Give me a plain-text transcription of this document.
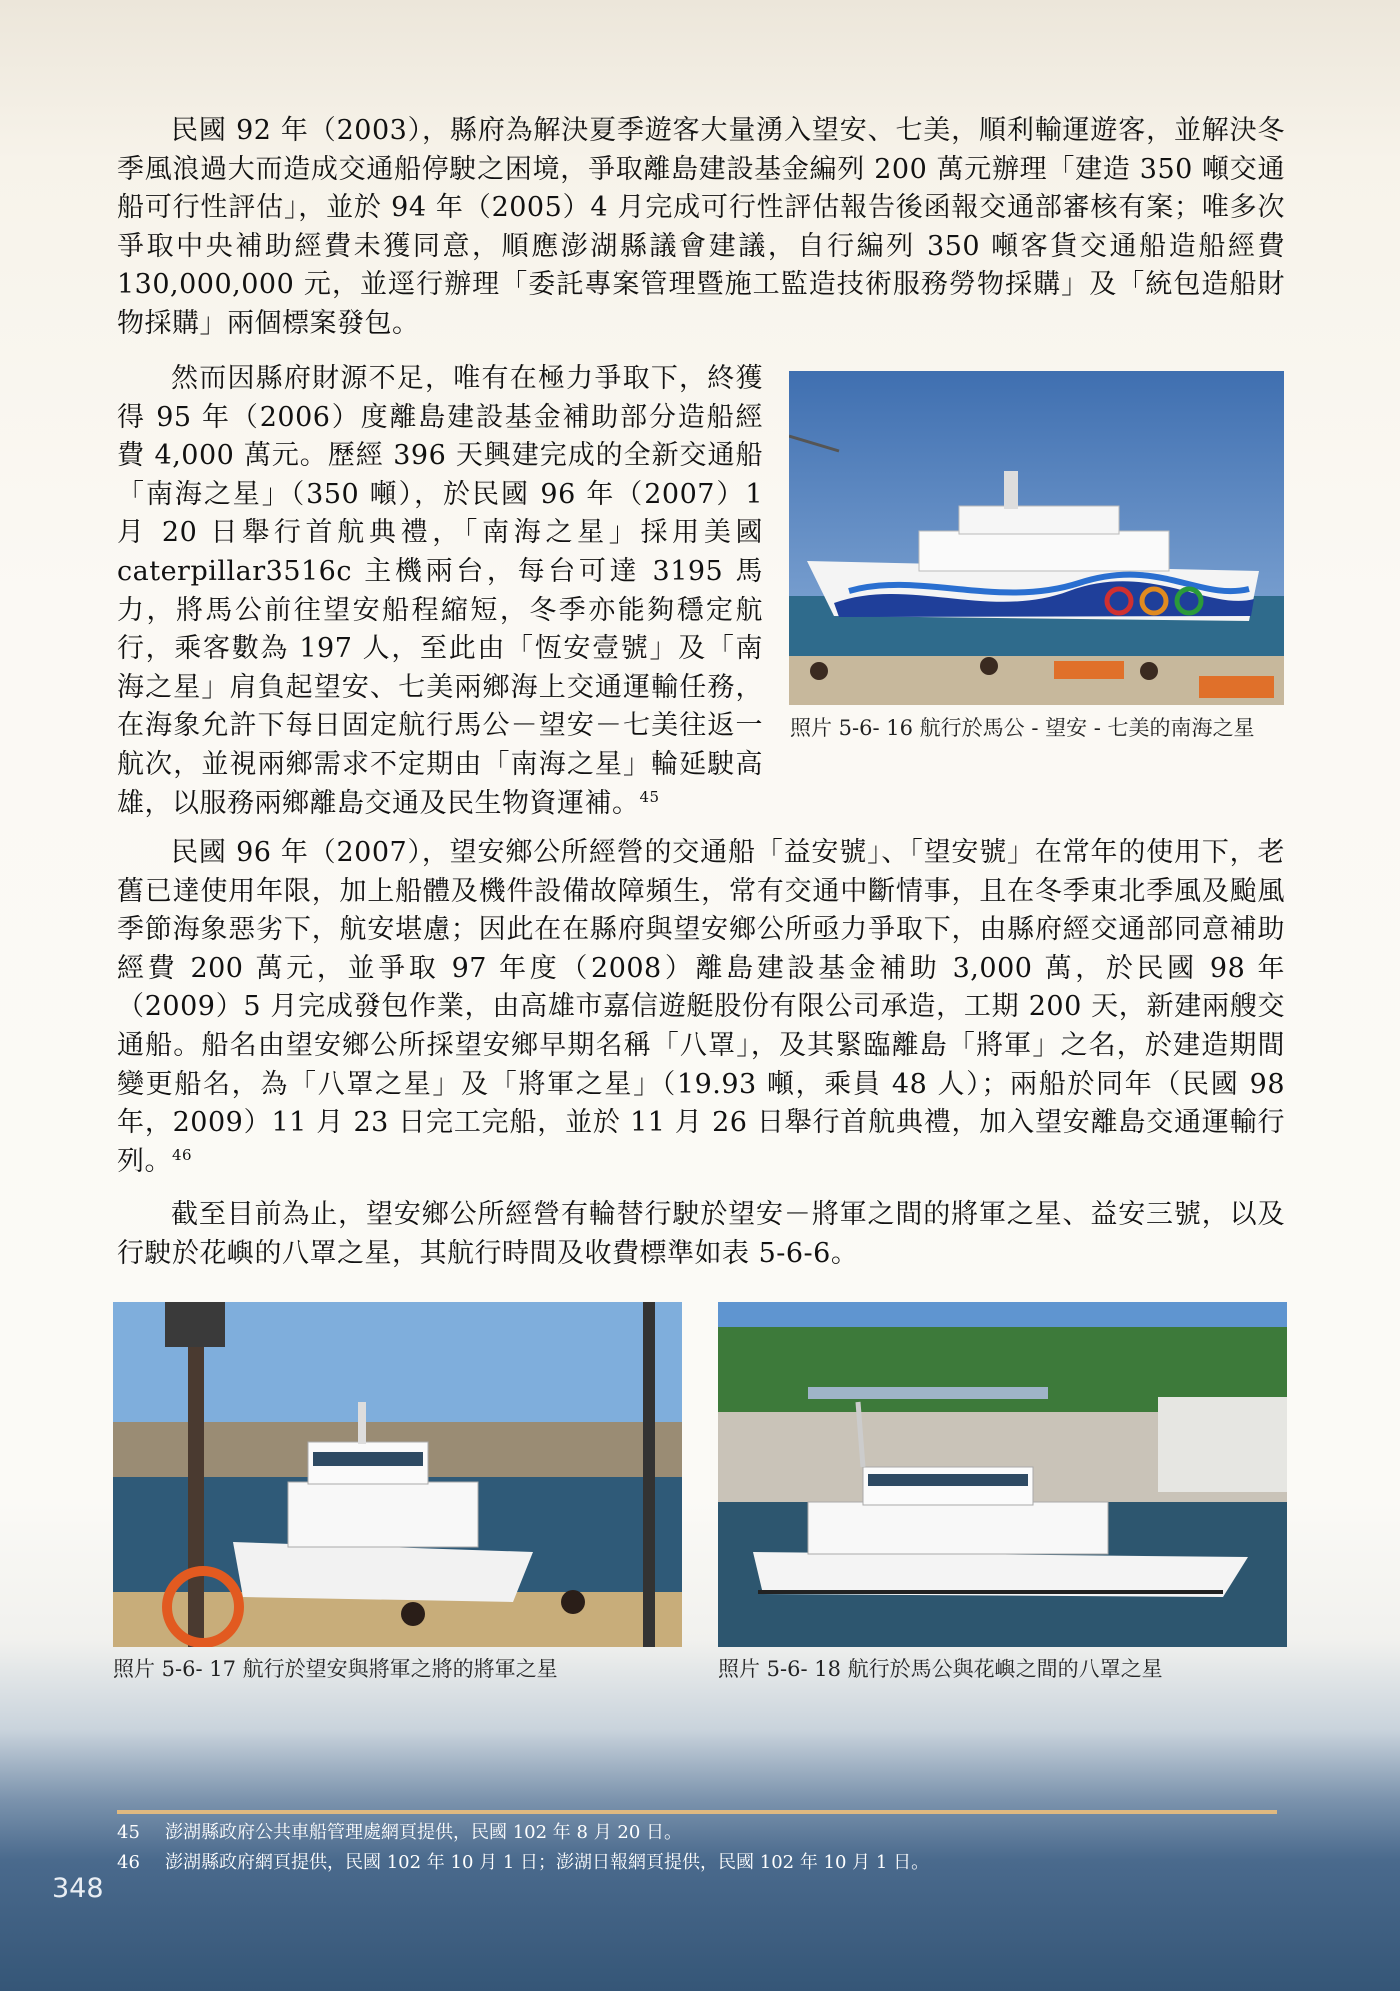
民國 92 年（2003），縣府為解決夏季遊客大量湧入望安、七美，順利輸運遊客，並解決冬季風浪過大而造成交通船停駛之困境，爭取離島建設基金編列 200 萬元辦理「建造 350 噸交通船可行性評估」，並於 94 年（2005）4 月完成可行性評估報告後函報交通部審核有案；唯多次爭取中央補助經費未獲同意，順應澎湖縣議會建議，自行編列 350 噸客貨交通船造船經費 130,000,000 元，並逕行辦理「委託專案管理暨施工監造技術服務勞物採購」及「統包造船財物採購」兩個標案發包。

然而因縣府財源不足，唯有在極力爭取下，終獲得 95 年（2006）度離島建設基金補助部分造船經費 4,000 萬元。歷經 396 天興建完成的全新交通船「南海之星」（350 噸），於民國 96 年（2007）1 月 20 日舉行首航典禮，「南海之星」採用美國 caterpillar3516c 主機兩台，每台可達 3195 馬力，將馬公前往望安船程縮短，冬季亦能夠穩定航行，乘客數為 197 人，至此由「恆安壹號」及「南海之星」肩負起望安、七美兩鄉海上交通運輸任務，在海象允許下每日固定航行馬公－望安－七美往返一航次，並視兩鄉需求不定期由「南海之星」輪延駛高雄，以服務兩鄉離島交通及民生物資運補。$^{45}$

照片 5-6- 16 航行於馬公 - 望安 - 七美的南海之星

民國 96 年（2007），望安鄉公所經營的交通船「益安號」、「望安號」在常年的使用下，老舊已達使用年限，加上船體及機件設備故障頻生，常有交通中斷情事，且在冬季東北季風及颱風季節海象惡劣下，航安堪慮；因此在在縣府與望安鄉公所亟力爭取下，由縣府經交通部同意補助經費 200 萬元，並爭取 97 年度（2008）離島建設基金補助 3,000 萬，於民國 98 年（2009）5 月完成發包作業，由高雄市嘉信遊艇股份有限公司承造，工期 200 天，新建兩艘交通船。船名由望安鄉公所採望安鄉早期名稱「八罩」，及其緊臨離島「將軍」之名，於建造期間變更船名，為「八罩之星」及「將軍之星」（19.93 噸，乘員 48 人）；兩船於同年（民國 98 年，2009）11 月 23 日完工完船，並於 11 月 26 日舉行首航典禮，加入望安離島交通運輸行列。$^{46}$

截至目前為止，望安鄉公所經營有輪替行駛於望安－將軍之間的將軍之星、益安三號，以及行駛於花嶼的八罩之星，其航行時間及收費標準如表 5-6-6。

照片 5-6- 17 航行於望安與將軍之將的將軍之星	照片 5-6- 18 航行於馬公與花嶼之間的八罩之星
45 澎湖縣政府公共車船管理處網頁提供，民國 102 年 8 月 20 日。
46 澎湖縣政府網頁提供，民國 102 年 10 月 1 日；澎湖日報網頁提供，民國 102 年 10 月 1 日。
348
